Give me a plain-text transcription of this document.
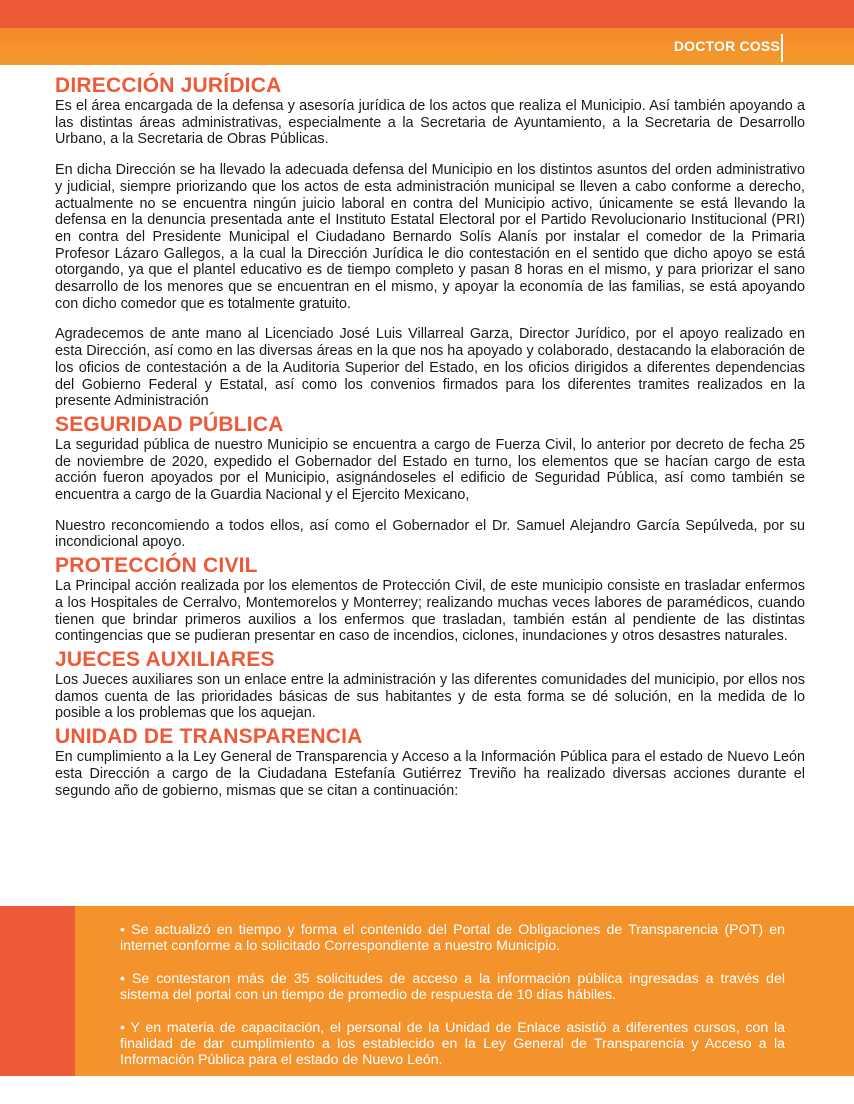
DOCTOR COSS
DIRECCIÓN JURÍDICA

Es el área encargada de la defensa y asesoría jurídica de los actos que realiza el Municipio. Así también apoyando a las distintas áreas administrativas, especialmente a la Secretaria de Ayuntamiento, a la Secretaria de Desarrollo Urbano, a la Secretaria de Obras Públicas.

En dicha Dirección se ha llevado la adecuada defensa del Municipio en los distintos asuntos del orden administrativo y judicial, siempre priorizando que los actos de esta administración municipal se lleven a cabo conforme a derecho, actualmente no se encuentra ningún juicio laboral en contra del Municipio activo, únicamente se está llevando la defensa en la denuncia presentada ante el Instituto Estatal Electoral por el Partido Revolucionario Institucional (PRI) en contra del Presidente Municipal el Ciudadano Bernardo Solís Alanís por instalar el comedor de la Primaria Profesor Lázaro Gallegos, a la cual la Dirección Jurídica le dio contestación en el sentido que dicho apoyo se está otorgando, ya que el plantel educativo es de tiempo completo y pasan 8 horas en el mismo, y para priorizar el sano desarrollo de los menores que se encuentran en el mismo, y apoyar la economía de las familias, se está apoyando con dicho comedor que es totalmente gratuito.

Agradecemos de ante mano al Licenciado José Luis Villarreal Garza, Director Jurídico, por el apoyo realizado en esta Dirección, así como en las diversas áreas en la que nos ha apoyado y colaborado, destacando la elaboración de los oficios de contestación a de la Auditoria Superior del Estado, en los oficios dirigidos a diferentes dependencias del Gobierno Federal y Estatal, así como los convenios firmados para los diferentes tramites realizados en la presente Administración

SEGURIDAD PÚBLICA

La seguridad pública de nuestro Municipio se encuentra a cargo de Fuerza Civil, lo anterior por decreto de fecha 25 de noviembre de 2020, expedido el Gobernador del Estado en turno, los elementos que se hacían cargo de esta acción fueron apoyados por el Municipio, asignándoseles el edificio de Seguridad Pública, así como también se encuentra a cargo de la Guardia Nacional y el Ejercito Mexicano,

Nuestro reconcomiendo a todos ellos, así como el Gobernador el Dr. Samuel Alejandro García Sepúlveda, por su incondicional apoyo.

PROTECCIÓN CIVIL

La Principal acción realizada por los elementos de Protección Civil, de este municipio consiste en trasladar enfermos a los Hospitales de Cerralvo, Montemorelos y Monterrey; realizando muchas veces labores de paramédicos, cuando tienen que brindar primeros auxilios a los enfermos que trasladan, también están al pendiente de las distintas contingencias que se pudieran presentar en caso de incendios, ciclones, inundaciones y otros desastres naturales.

JUECES AUXILIARES

Los Jueces auxiliares son un enlace entre la administración y las diferentes comunidades del municipio, por ellos nos damos cuenta de las prioridades básicas de sus habitantes y de esta forma se dé solución, en la medida de lo posible a los problemas que los aquejan.

UNIDAD DE TRANSPARENCIA

En cumplimiento a la Ley General de Transparencia y Acceso a la Información Pública para el estado de Nuevo León esta Dirección a cargo de la Ciudadana Estefanía Gutiérrez Treviño ha realizado diversas acciones durante el segundo año de gobierno, mismas que se citan a continuación:

• Se actualizó en tiempo y forma el contenido del Portal de Obligaciones de Transparencia (POT) en internet conforme a lo solicitado Correspondiente a nuestro Municipio.

• Se contestaron más de 35 solicitudes de acceso a la información pública ingresadas a través del sistema del portal con un tiempo de promedio de respuesta de 10 días hábiles.

• Y en materia de capacitación, el personal de la Unidad de Enlace asistió a diferentes cursos, con la finalidad de dar cumplimiento a los establecido en la Ley General de Transparencia y Acceso a la Información Pública para el estado de Nuevo León.
